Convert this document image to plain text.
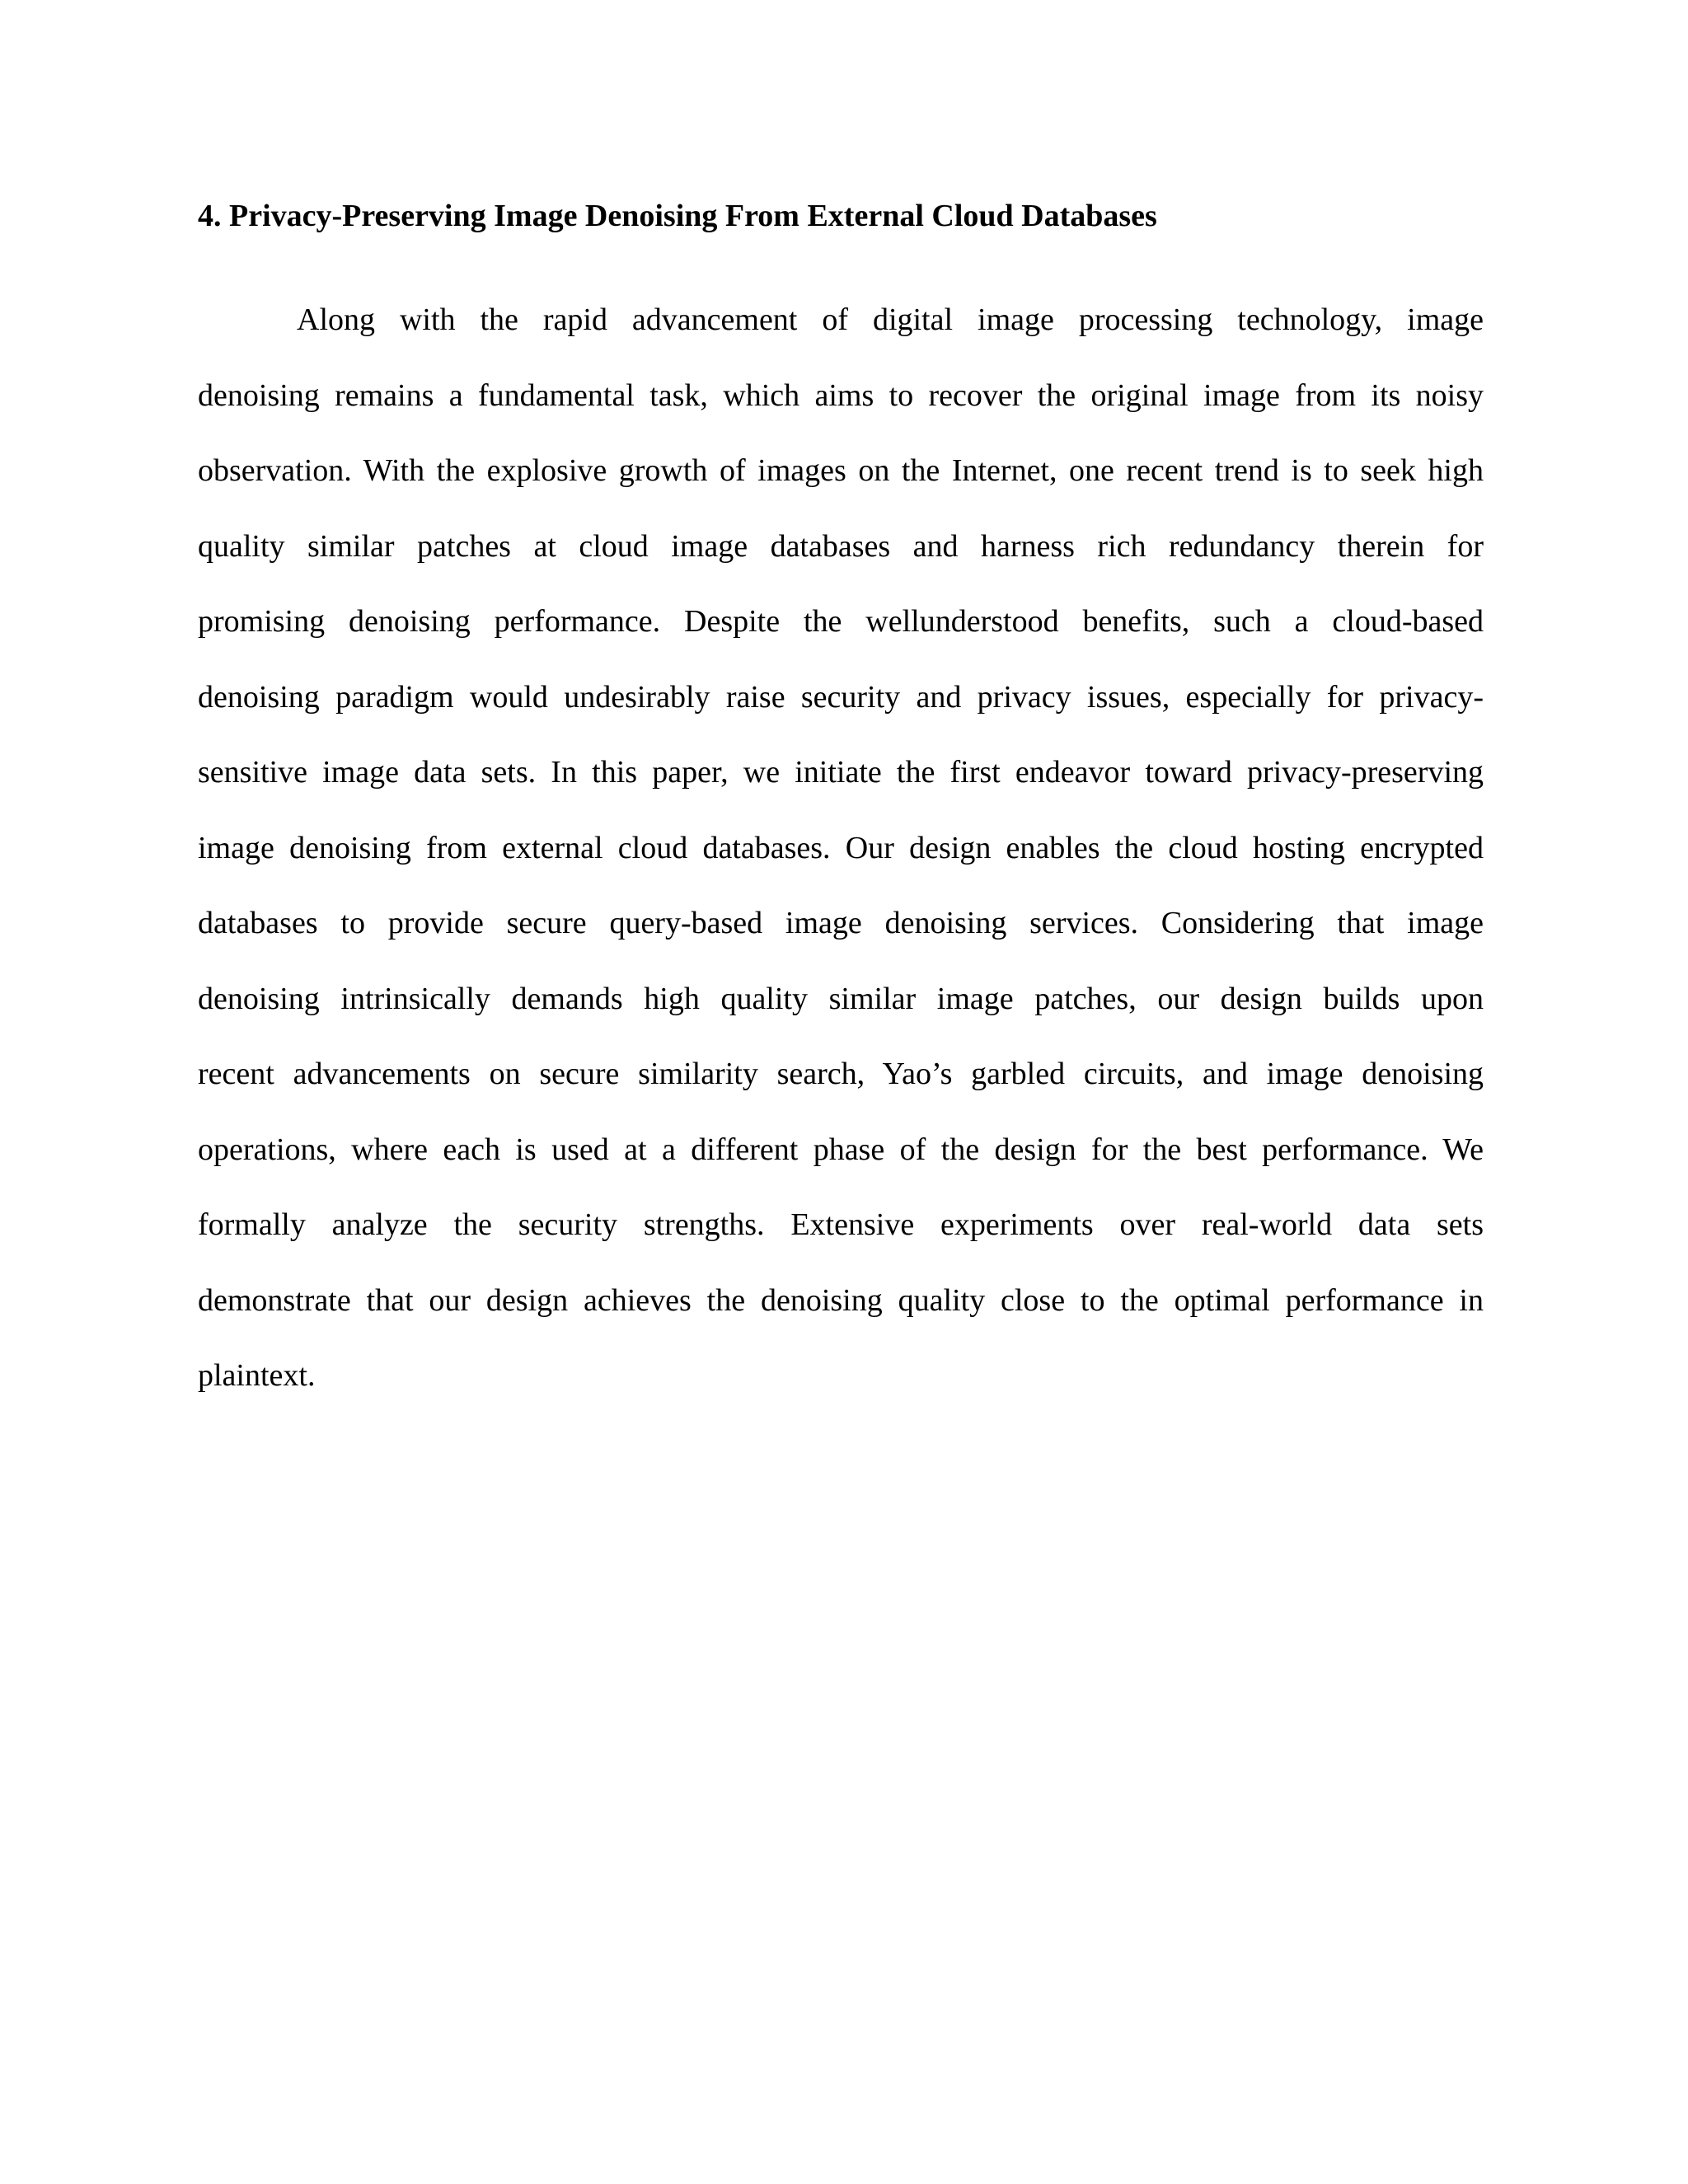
4. Privacy-Preserving Image Denoising From External Cloud Databases
Along with the rapid advancement of digital image processing technology, image
denoising remains a fundamental task, which aims to recover the original image from its noisy
observation. With the explosive growth of images on the Internet, one recent trend is to seek high
quality similar patches at cloud image databases and harness rich redundancy therein for
promising denoising performance. Despite the wellunderstood benefits, such a cloud-based
denoising paradigm would undesirably raise security and privacy issues, especially for privacy-
sensitive image data sets. In this paper, we initiate the first endeavor toward privacy-preserving
image denoising from external cloud databases. Our design enables the cloud hosting encrypted
databases to provide secure query-based image denoising services. Considering that image
denoising intrinsically demands high quality similar image patches, our design builds upon
recent advancements on secure similarity search, Yao’s garbled circuits, and image denoising
operations, where each is used at a different phase of the design for the best performance. We
formally analyze the security strengths. Extensive experiments over real-world data sets
demonstrate that our design achieves the denoising quality close to the optimal performance in
plaintext.
